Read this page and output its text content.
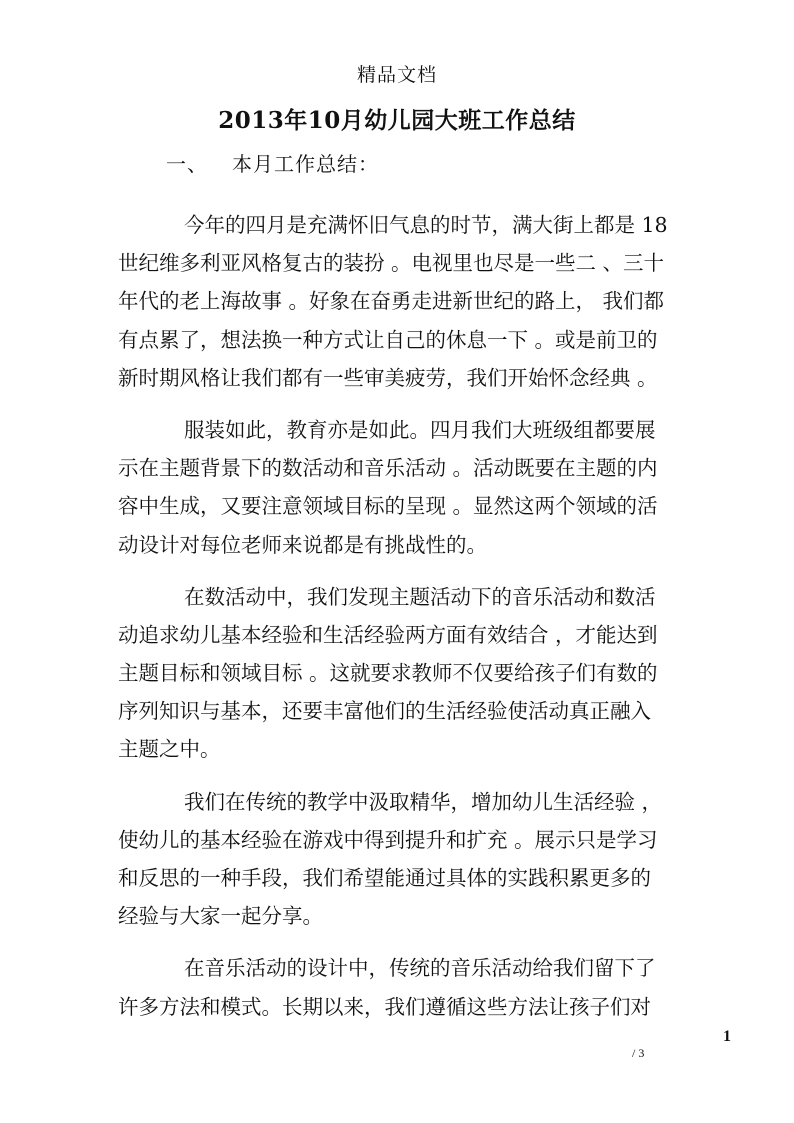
精品文档
2013年10月幼儿园大班工作总结
一、 本月工作总结：
今年的四月是充满怀旧气息的时节，满大街上都是 18
世纪维多利亚风格复古的装扮 。电视里也尽是一些二 、三十
年代的老上海故事 。好象在奋勇走进新世纪的路上， 我们都
有点累了，想法换一种方式让自己的休息一下 。或是前卫的
新时期风格让我们都有一些审美疲劳，我们开始怀念经典 。
服装如此，教育亦是如此。四月我们大班级组都要展
示在主题背景下的数活动和音乐活动 。活动既要在主题的内
容中生成，又要注意领域目标的呈现 。显然这两个领域的活
动设计对每位老师来说都是有挑战性的。
在数活动中，我们发现主题活动下的音乐活动和数活
动追求幼儿基本经验和生活经验两方面有效结合 ，才能达到
主题目标和领域目标 。这就要求教师不仅要给孩子们有数的
序列知识与基本，还要丰富他们的生活经验使活动真正融入
主题之中。
我们在传统的教学中汲取精华，增加幼儿生活经验 ，
使幼儿的基本经验在游戏中得到提升和扩充 。展示只是学习
和反思的一种手段，我们希望能通过具体的实践积累更多的
经验与大家一起分享。
在音乐活动的设计中，传统的音乐活动给我们留下了
许多方法和模式。长期以来，我们遵循这些方法让孩子们对
1
/ 3
